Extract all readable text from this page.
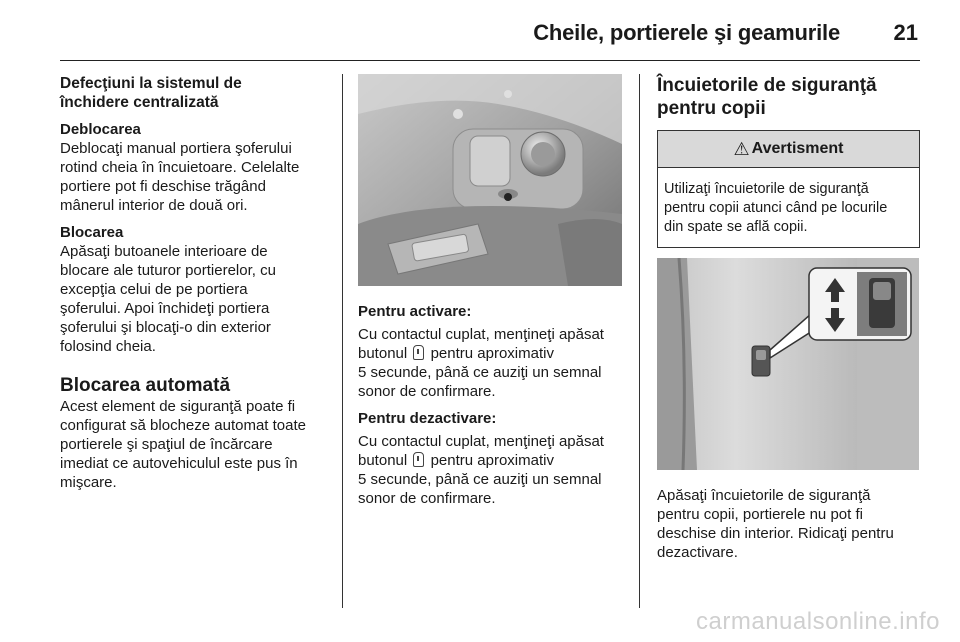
Cheile, portierele şi geamurile 21

Defecţiuni la sistemul de

închidere centralizată

Deblocarea

Deblocaţi manual portiera şoferului

rotind cheia în încuietoare. Celelalte

portiere pot fi deschise trăgând

mânerul interior de două ori.

Blocarea

Apăsaţi butoanele interioare de

blocare ale tuturor portierelor, cu

excepţia celui de pe portiera

şoferului. Apoi închideţi portiera

şoferului şi blocaţi-o din exterior

folosind cheia.

Blocarea automată

Acest element de siguranţă poate fi

configurat să blocheze automat toate

portierele şi spaţiul de încărcare

imediat ce autovehiculul este pus în

mişcare.

Pentru activare:

Cu contactul cuplat, menţineţi apăsat

butonul pentru aproximativ

5 secunde, până ce auziţi un semnal

sonor de confirmare.

Pentru dezactivare:

Cu contactul cuplat, menţineţi apăsat

butonul pentru aproximativ

5 secunde, până ce auziţi un semnal

sonor de confirmare.

Încuietorile de siguranţă

pentru copii

⚠ Avertisment
Utilizaţi încuietorile de siguranţă
pentru copii atunci când pe locurile
din spate se află copii.

Apăsaţi încuietorile de siguranţă

pentru copii, portierele nu pot fi

deschise din interior. Ridicaţi pentru

dezactivare.

carmanualsonline.info
